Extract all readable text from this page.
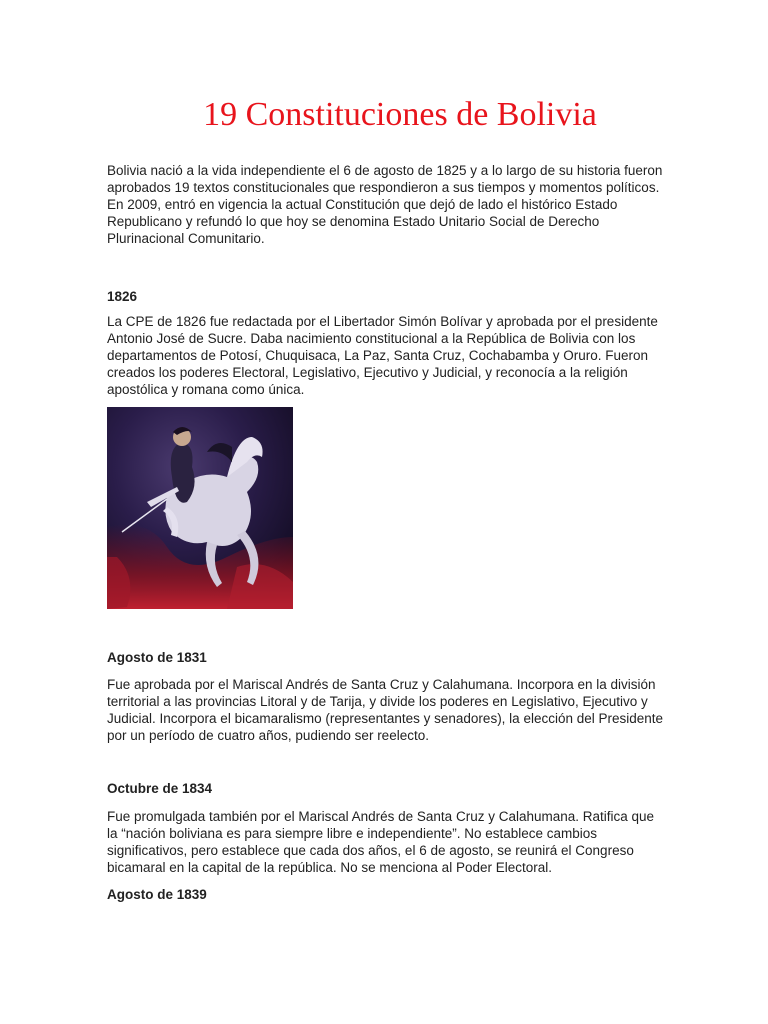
19 Constituciones de Bolivia

Bolivia nació a la vida independiente el 6 de agosto de 1825 y a lo largo de su historia fueron aprobados 19 textos constitucionales que respondieron a sus tiempos y momentos políticos. En 2009, entró en vigencia la actual Constitución que dejó de lado el histórico Estado Republicano y refundó lo que hoy se denomina Estado Unitario Social de Derecho Plurinacional Comunitario.

1826

La CPE de 1826 fue redactada por el Libertador Simón Bolívar y aprobada por el presidente Antonio José de Sucre. Daba nacimiento constitucional a la República de Bolivia con los departamentos de Potosí, Chuquisaca, La Paz, Santa Cruz, Cochabamba y Oruro. Fueron creados los poderes Electoral, Legislativo, Ejecutivo y Judicial, y reconocía a la religión apostólica y romana como única.

Agosto de 1831

Fue aprobada por el Mariscal Andrés de Santa Cruz y Calahumana. Incorpora en la división territorial a las provincias Litoral y de Tarija, y divide los poderes en Legislativo, Ejecutivo y Judicial. Incorpora el bicamaralismo (representantes y senadores), la elección del Presidente por un período de cuatro años, pudiendo ser reelecto.

Octubre de 1834

Fue promulgada también por el Mariscal Andrés de Santa Cruz y Calahumana. Ratifica que la “nación boliviana es para siempre libre e independiente”. No establece cambios significativos, pero establece que cada dos años, el 6 de agosto, se reunirá el Congreso bicamaral en la capital de la república. No se menciona al Poder Electoral.

Agosto de 1839
